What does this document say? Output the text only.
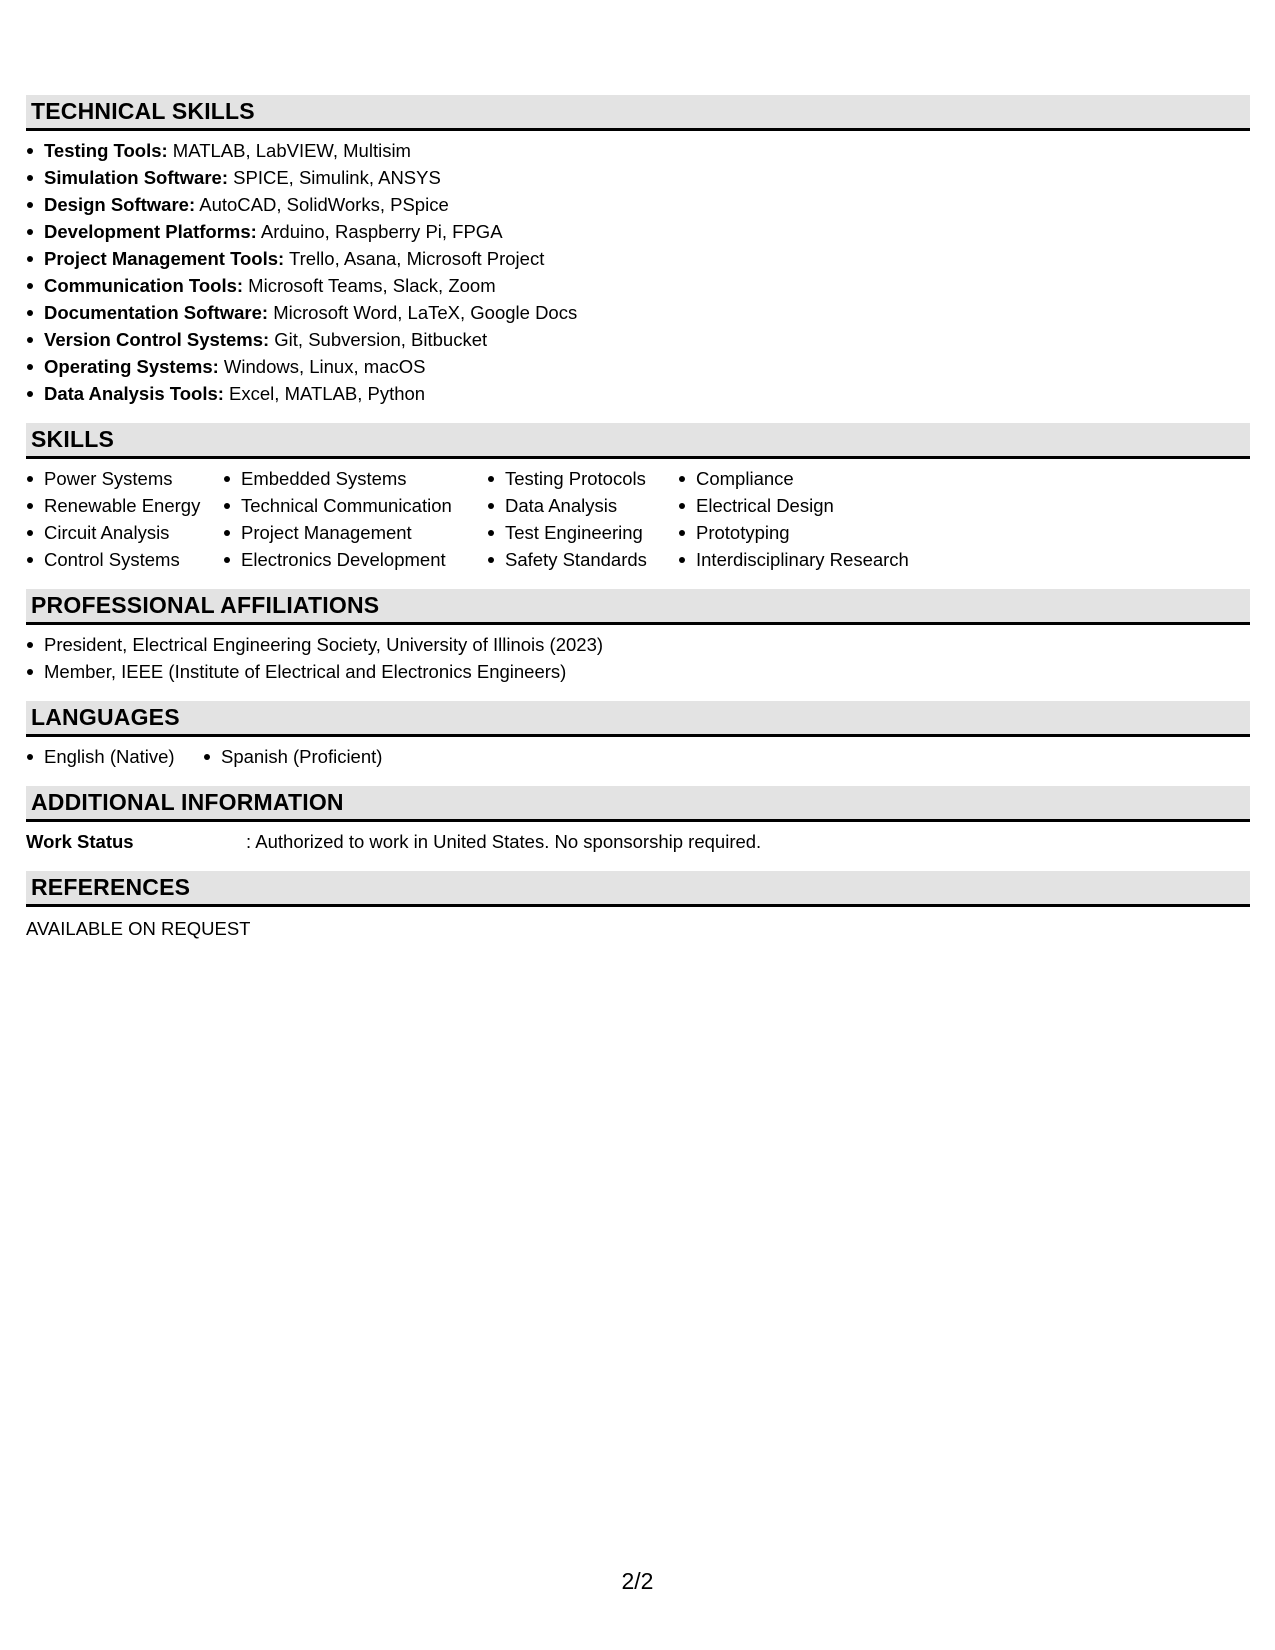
TECHNICAL SKILLS
Testing Tools: MATLAB, LabVIEW, Multisim
Simulation Software: SPICE, Simulink, ANSYS
Design Software: AutoCAD, SolidWorks, PSpice
Development Platforms: Arduino, Raspberry Pi, FPGA
Project Management Tools: Trello, Asana, Microsoft Project
Communication Tools: Microsoft Teams, Slack, Zoom
Documentation Software: Microsoft Word, LaTeX, Google Docs
Version Control Systems: Git, Subversion, Bitbucket
Operating Systems: Windows, Linux, macOS
Data Analysis Tools: Excel, MATLAB, Python
SKILLS
Power Systems
Renewable Energy
Circuit Analysis
Control Systems
Embedded Systems
Technical Communication
Project Management
Electronics Development
Testing Protocols
Data Analysis
Test Engineering
Safety Standards
Compliance
Electrical Design
Prototyping
Interdisciplinary Research
PROFESSIONAL AFFILIATIONS
President, Electrical Engineering Society, University of Illinois (2023)
Member, IEEE (Institute of Electrical and Electronics Engineers)
LANGUAGES
English (Native)	Spanish (Proficient)
ADDITIONAL INFORMATION
Work Status	: Authorized to work in United States. No sponsorship required.
REFERENCES
AVAILABLE ON REQUEST
2/2
